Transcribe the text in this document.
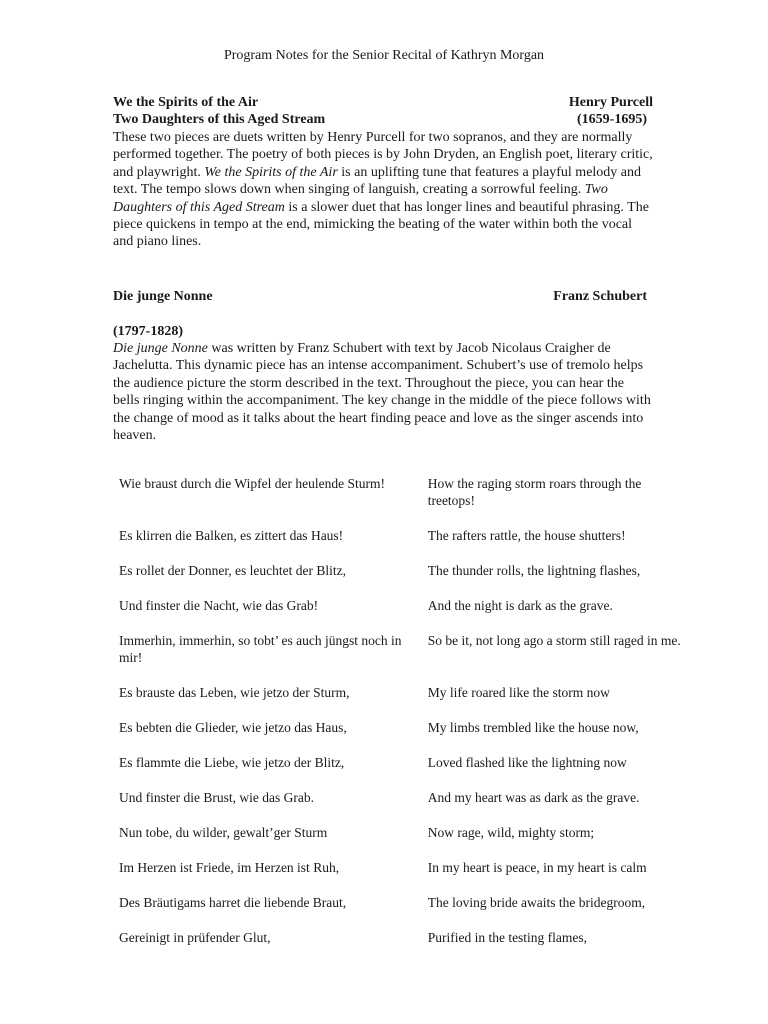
Program Notes for the Senior Recital of Kathryn Morgan
We the Spirits of the Air	Henry Purcell
Two Daughters of this Aged Stream	(1659-1695)

These two pieces are duets written by Henry Purcell for two sopranos, and they are normally performed together. The poetry of both pieces is by John Dryden, an English poet, literary critic, and playwright. We the Spirits of the Air is an uplifting tune that features a playful melody and text. The tempo slows down when singing of languish, creating a sorrowful feeling. Two Daughters of this Aged Stream is a slower duet that has longer lines and beautiful phrasing. The piece quickens in tempo at the end, mimicking the beating of the water within both the vocal and piano lines.

Die junge Nonne	Franz Schubert
(1797-1828)

Die junge Nonne was written by Franz Schubert with text by Jacob Nicolaus Craigher de Jachelutta. This dynamic piece has an intense accompaniment. Schubert’s use of tremolo helps the audience picture the storm described in the text. Throughout the piece, you can hear the bells ringing within the accompaniment. The key change in the middle of the piece follows with the change of mood as it talks about the heart finding peace and love as the singer ascends into heaven.

Wie braust durch die Wipfel der heulende Sturm!	How the raging storm roars through the treetops!
Es klirren die Balken, es zittert das Haus!	The rafters rattle, the house shutters!
Es rollet der Donner, es leuchtet der Blitz,	The thunder rolls, the lightning flashes,
Und finster die Nacht, wie das Grab!	And the night is dark as the grave.
Immerhin, immerhin, so tobt’ es auch jüngst noch in mir!	So be it, not long ago a storm still raged in me.
Es brauste das Leben, wie jetzo der Sturm,	My life roared like the storm now
Es bebten die Glieder, wie jetzo das Haus,	My limbs trembled like the house now,
Es flammte die Liebe, wie jetzo der Blitz,	Loved flashed like the lightning now
Und finster die Brust, wie das Grab.	And my heart was as dark as the grave.
Nun tobe, du wilder, gewalt’ger Sturm	Now rage, wild, mighty storm;
Im Herzen ist Friede, im Herzen ist Ruh,	In my heart is peace, in my heart is calm
Des Bräutigams harret die liebende Braut,	The loving bride awaits the bridegroom,
Gereinigt in prüfender Glut,	Purified in the testing flames,
